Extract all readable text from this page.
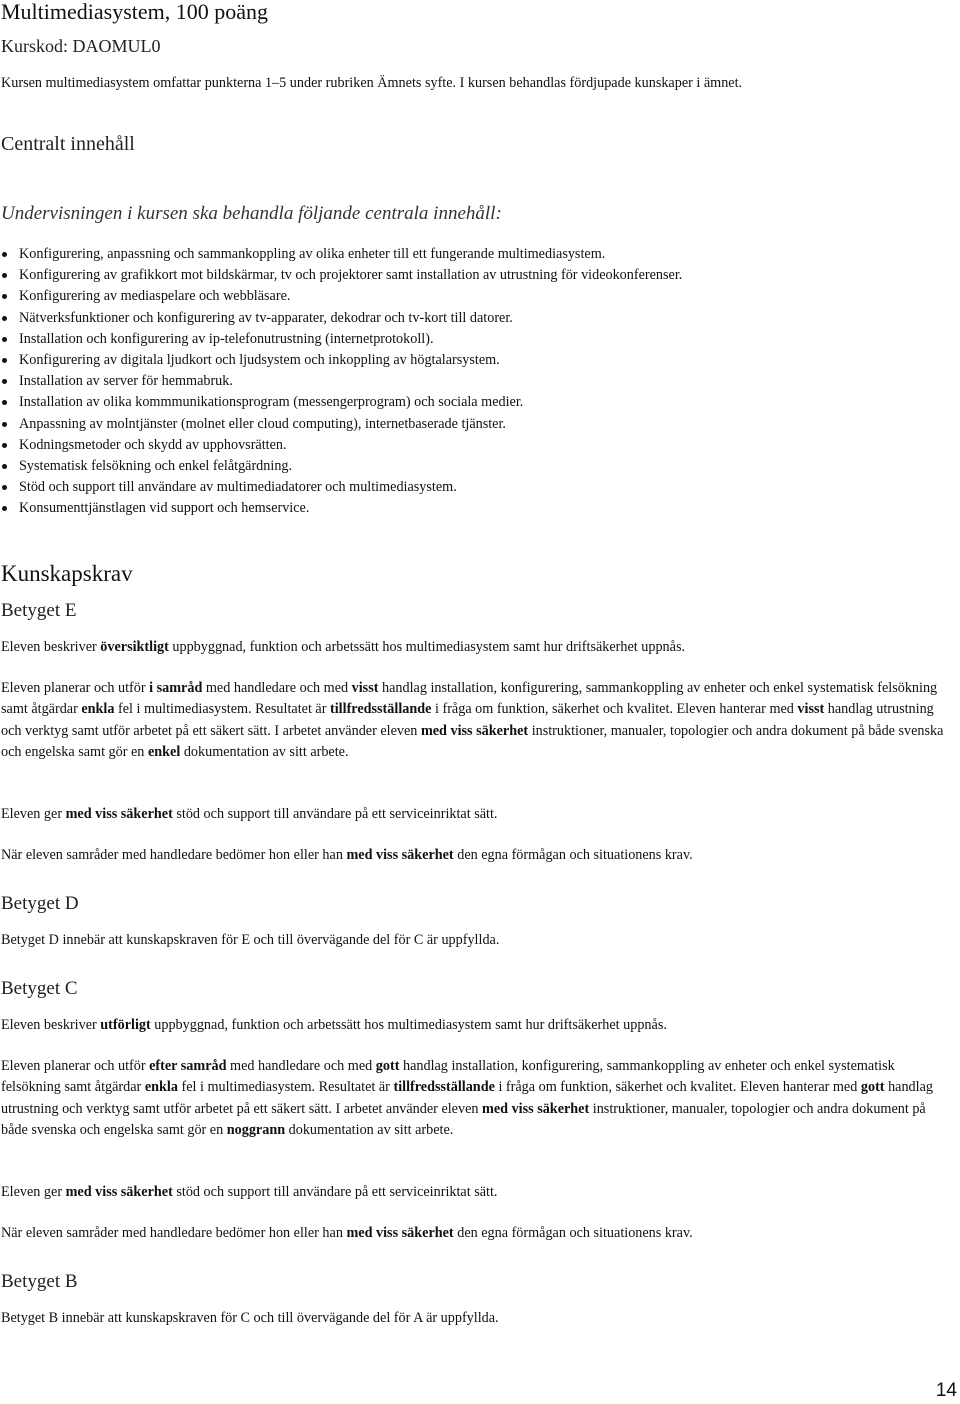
Multimediasystem, 100 poäng
Kurskod: DAOMUL0
Kursen multimediasystem omfattar punkterna 1–5 under rubriken Ämnets syfte. I kursen behandlas fördjupade kunskaper i ämnet.
Centralt innehåll
Undervisningen i kursen ska behandla följande centrala innehåll:
Konfigurering, anpassning och sammankoppling av olika enheter till ett fungerande multimediasystem.
Konfigurering av grafikkort mot bildskärmar, tv och projektorer samt installation av utrustning för videokonferenser.
Konfigurering av mediaspelare och webbläsare.
Nätverksfunktioner och konfigurering av tv-apparater, dekodrar och tv-kort till datorer.
Installation och konfigurering av ip-telefonutrustning (internetprotokoll).
Konfigurering av digitala ljudkort och ljudsystem och inkoppling av högtalarsystem.
Installation av server för hemmabruk.
Installation av olika kommmunikationsprogram (messengerprogram) och sociala medier.
Anpassning av molntjänster (molnet eller cloud computing), internetbaserade tjänster.
Kodningsmetoder och skydd av upphovsrätten.
Systematisk felsökning och enkel felåtgärdning.
Stöd och support till användare av multimediadatorer och multimediasystem.
Konsumenttjänstlagen vid support och hemservice.
Kunskapskrav
Betyget E

Eleven beskriver översiktligt uppbyggnad, funktion och arbetssätt hos multimediasystem samt hur driftsäkerhet uppnås.

Eleven planerar och utför i samråd med handledare och med visst handlag installation, konfigurering, sammankoppling av enheter och enkel systematisk felsökning samt åtgärdar enkla fel i multimediasystem. Resultatet är tillfredsställande i fråga om funktion, säkerhet och kvalitet. Eleven hanterar med visst handlag utrustning och verktyg samt utför arbetet på ett säkert sätt. I arbetet använder eleven med viss säkerhet instruktioner, manualer, topologier och andra dokument på både svenska och engelska samt gör en enkel dokumentation av sitt arbete.

Eleven ger med viss säkerhet stöd och support till användare på ett serviceinriktat sätt.

När eleven samråder med handledare bedömer hon eller han med viss säkerhet den egna förmågan och situationens krav.

Betyget D

Betyget D innebär att kunskapskraven för E och till övervägande del för C är uppfyllda.

Betyget C

Eleven beskriver utförligt uppbyggnad, funktion och arbetssätt hos multimediasystem samt hur driftsäkerhet uppnås.

Eleven planerar och utför efter samråd med handledare och med gott handlag installation, konfigurering, sammankoppling av enheter och enkel systematisk felsökning samt åtgärdar enkla fel i multimediasystem. Resultatet är tillfredsställande i fråga om funktion, säkerhet och kvalitet. Eleven hanterar med gott handlag utrustning och verktyg samt utför arbetet på ett säkert sätt. I arbetet använder eleven med viss säkerhet instruktioner, manualer, topologier och andra dokument på både svenska och engelska samt gör en noggrann dokumentation av sitt arbete.

Eleven ger med viss säkerhet stöd och support till användare på ett serviceinriktat sätt.

När eleven samråder med handledare bedömer hon eller han med viss säkerhet den egna förmågan och situationens krav.

Betyget B

Betyget B innebär att kunskapskraven för C och till övervägande del för A är uppfyllda.

14
